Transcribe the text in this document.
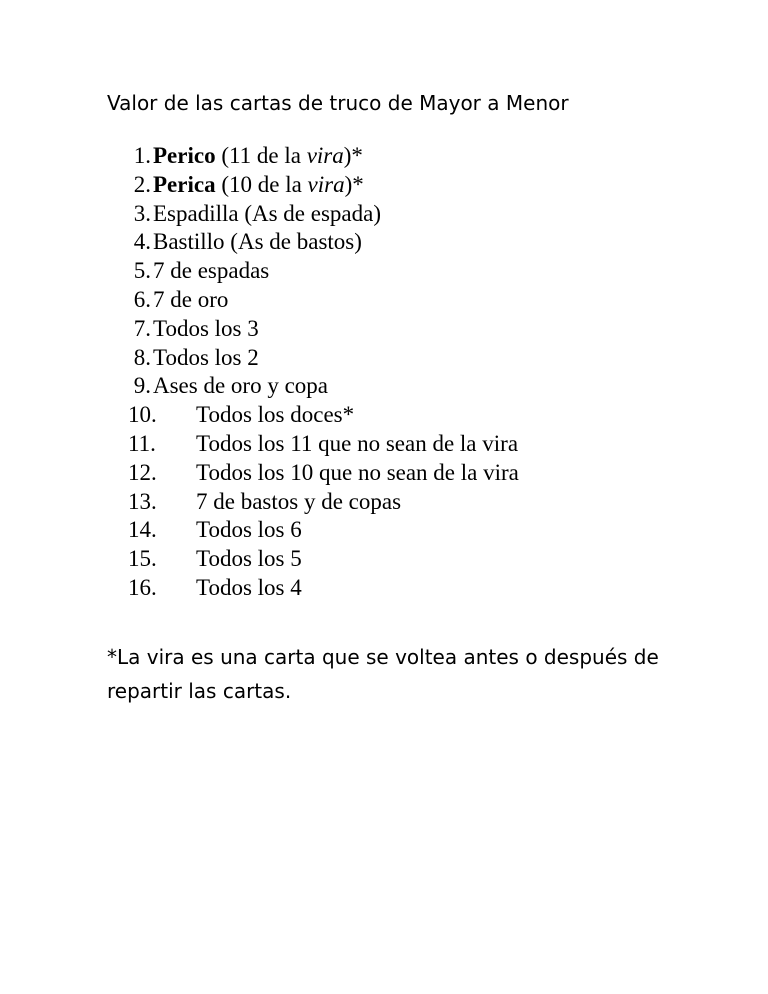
Valor de las cartas de truco de Mayor a Menor
1. Perico (11 de la vira)*
2. Perica (10 de la vira)*
3. Espadilla (As de espada)
4. Bastillo (As de bastos)
5. 7 de espadas
6. 7 de oro
7. Todos los 3
8. Todos los 2
9. Ases de oro y copa
10. Todos los doces*
11. Todos los 11 que no sean de la vira
12. Todos los 10 que no sean de la vira
13. 7 de bastos y de copas
14. Todos los 6
15. Todos los 5
16. Todos los 4

*La vira es una carta que se voltea antes o después de repartir las cartas.
